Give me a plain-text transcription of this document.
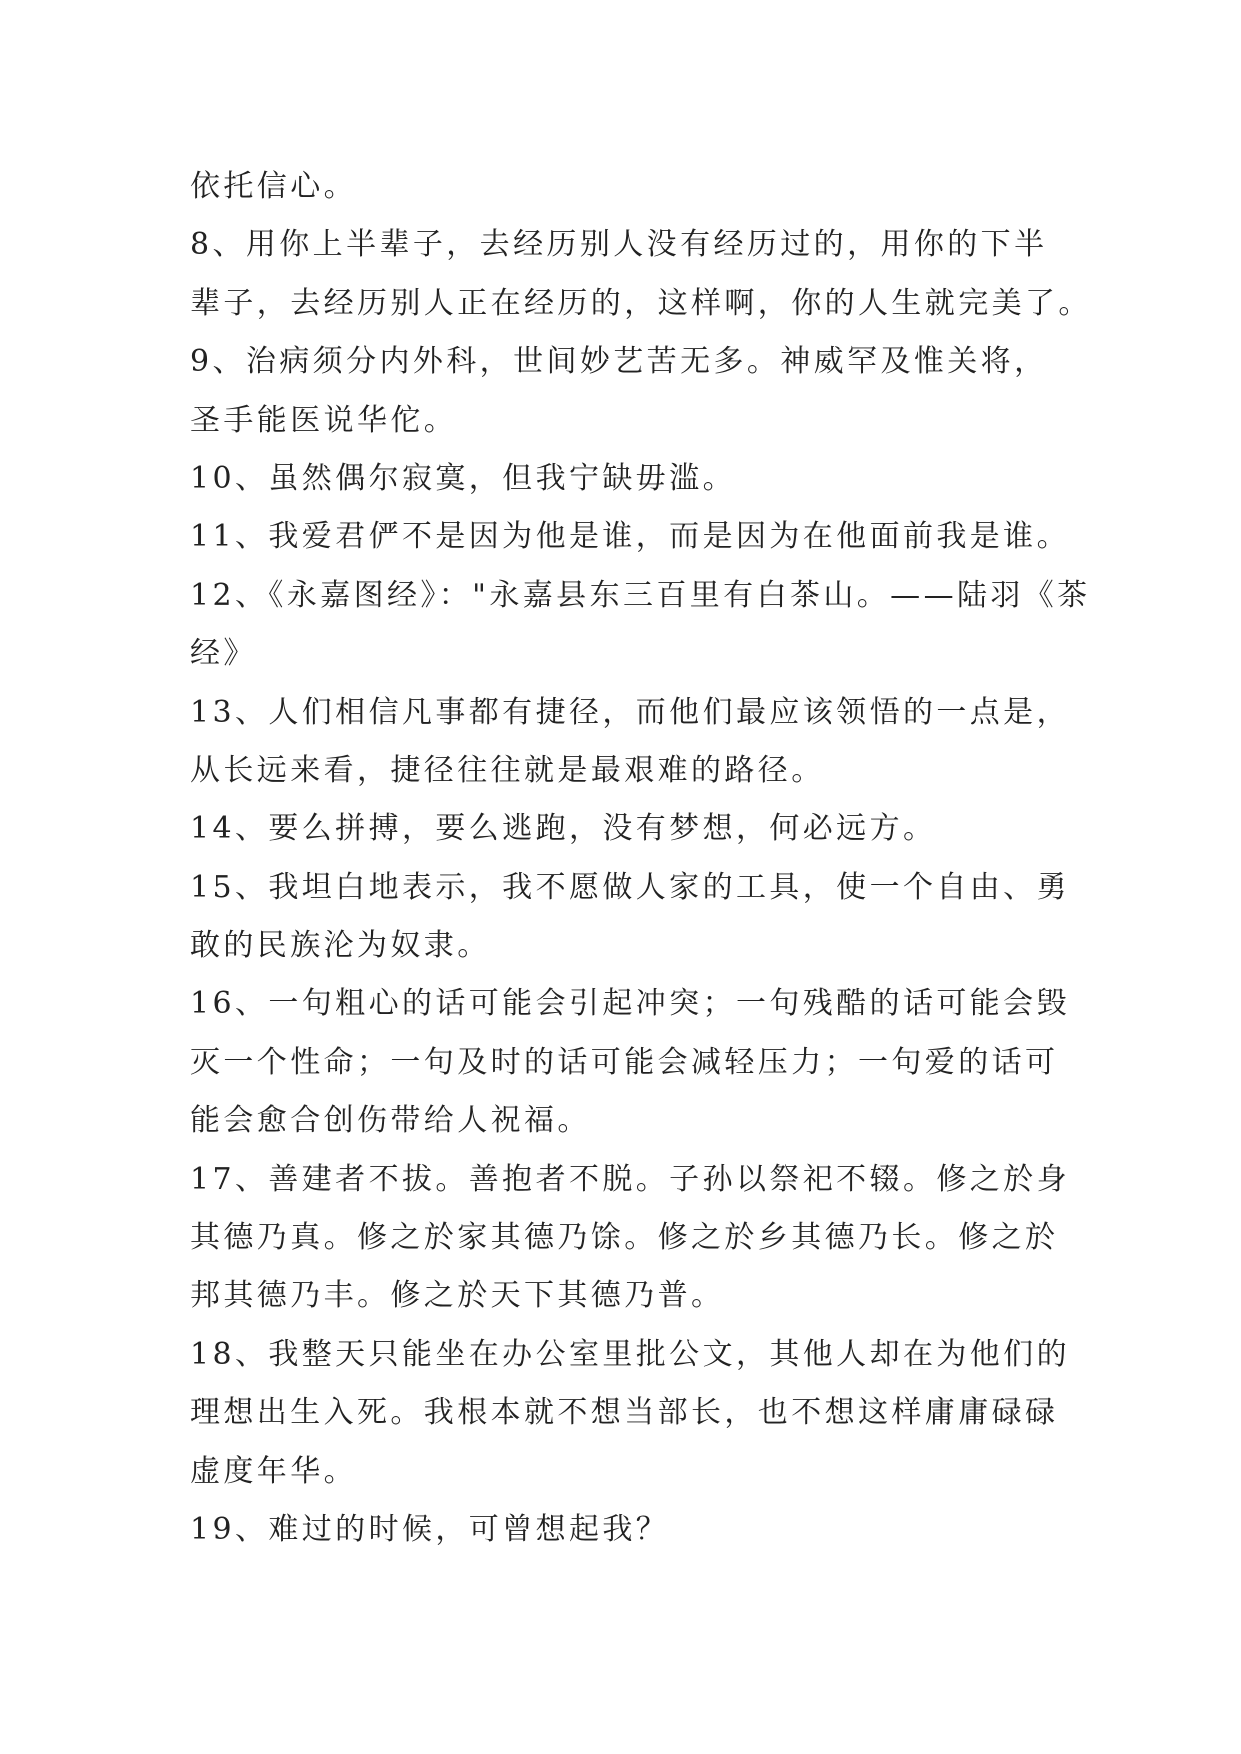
依托信心。
8、用你上半辈子，去经历别人没有经历过的，用你的下半
辈子，去经历别人正在经历的，这样啊，你的人生就完美了。
9、治病须分内外科，世间妙艺苦无多。神威罕及惟关将，
圣手能医说华佗。
10、虽然偶尔寂寞，但我宁缺毋滥。
11、我爱君俨不是因为他是谁，而是因为在他面前我是谁。
12、《永嘉图经》："永嘉县东三百里有白茶山。——陆羽《茶
经》
13、人们相信凡事都有捷径，而他们最应该领悟的一点是，
从长远来看，捷径往往就是最艰难的路径。
14、要么拼搏，要么逃跑，没有梦想，何必远方。
15、我坦白地表示，我不愿做人家的工具，使一个自由、勇
敢的民族沦为奴隶。
16、一句粗心的话可能会引起冲突；一句残酷的话可能会毁
灭一个性命；一句及时的话可能会减轻压力；一句爱的话可
能会愈合创伤带给人祝福。
17、善建者不拔。善抱者不脱。子孙以祭祀不辍。修之於身
其德乃真。修之於家其德乃馀。修之於乡其德乃长。修之於
邦其德乃丰。修之於天下其德乃普。
18、我整天只能坐在办公室里批公文，其他人却在为他们的
理想出生入死。我根本就不想当部长，也不想这样庸庸碌碌
虚度年华。
19、难过的时候，可曾想起我？
